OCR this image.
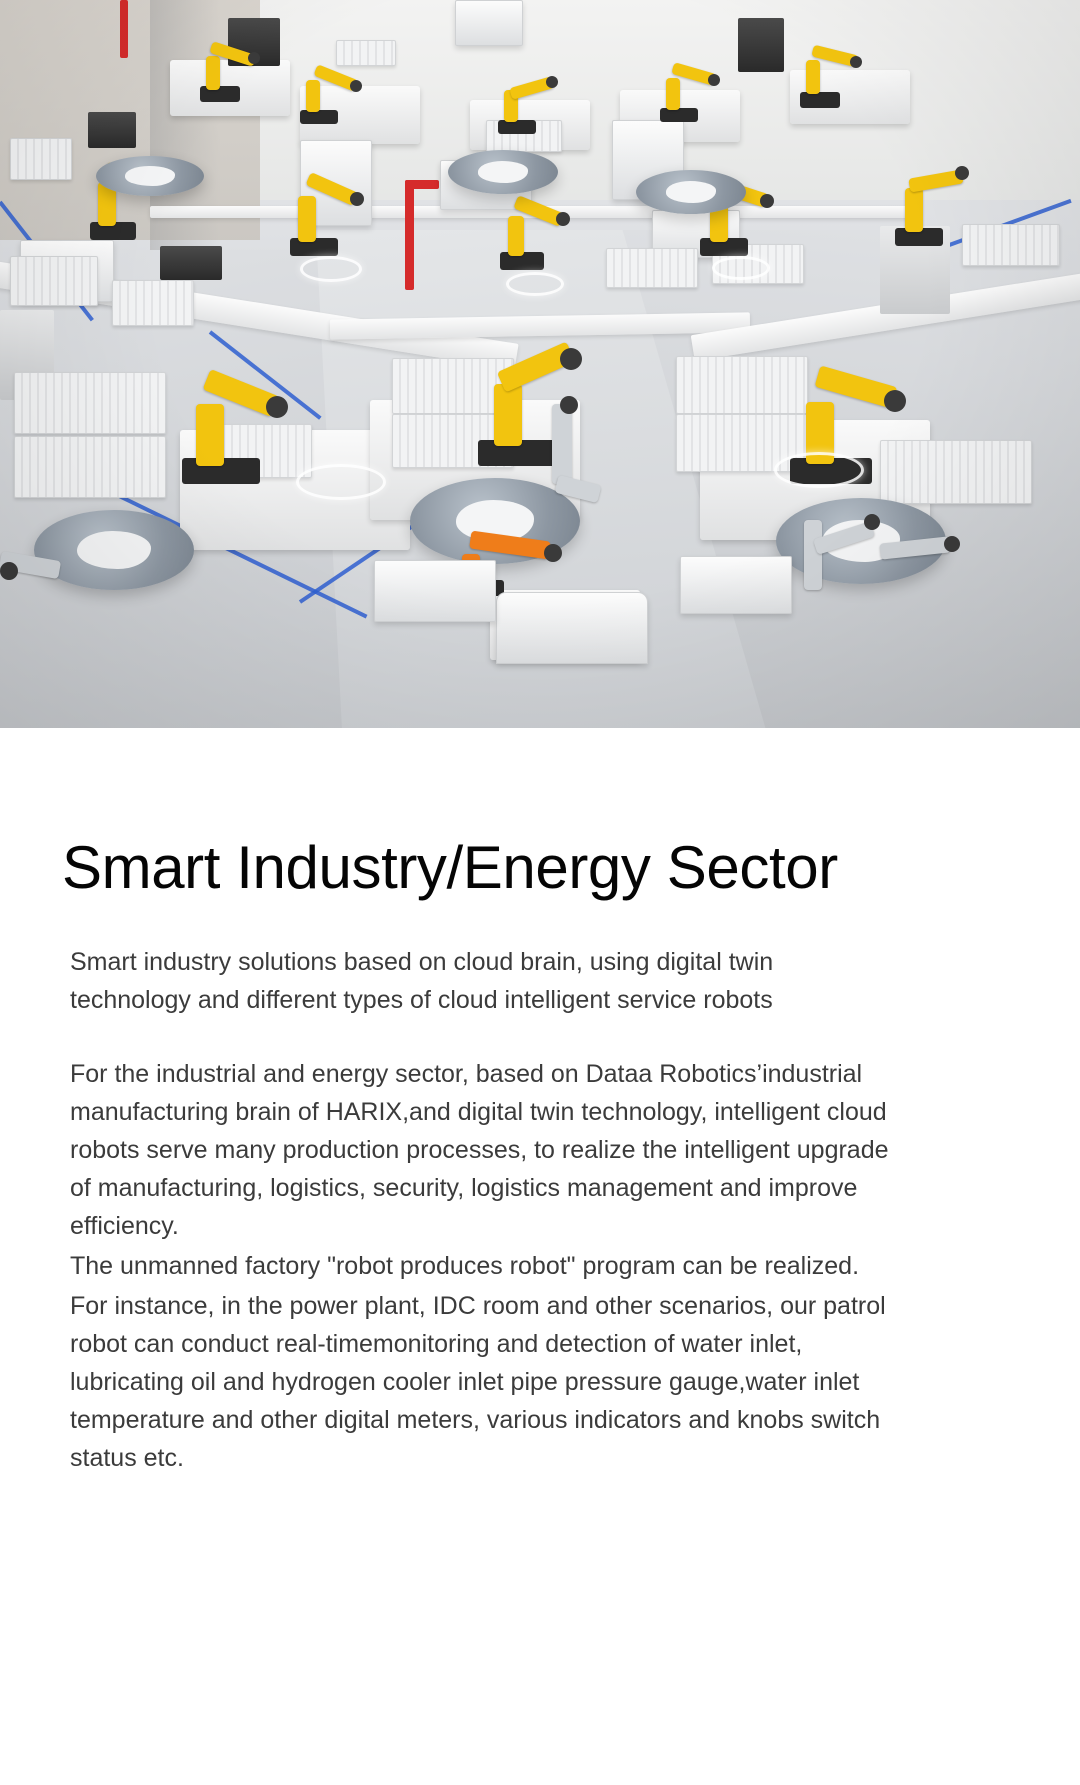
Smart Industry/Energy Sector

Smart industry solutions based on cloud brain, using digital twin technology and different types of cloud intelligent service robots

For the industrial and energy sector, based on Dataa Robotics’industrial manufacturing brain of HARIX,and digital twin technology, intelligent cloud robots serve many production processes, to realize the intelligent upgrade of manufacturing, logistics, security, logistics management and improve efficiency.

The unmanned factory "robot produces robot" program can be realized.

For instance, in the power plant, IDC room and other scenarios, our patrol robot can conduct real-timemonitoring and detection of water inlet, lubricating oil and hydrogen cooler inlet pipe pressure gauge,water inlet temperature and other digital meters, various indicators and knobs switch status etc.
